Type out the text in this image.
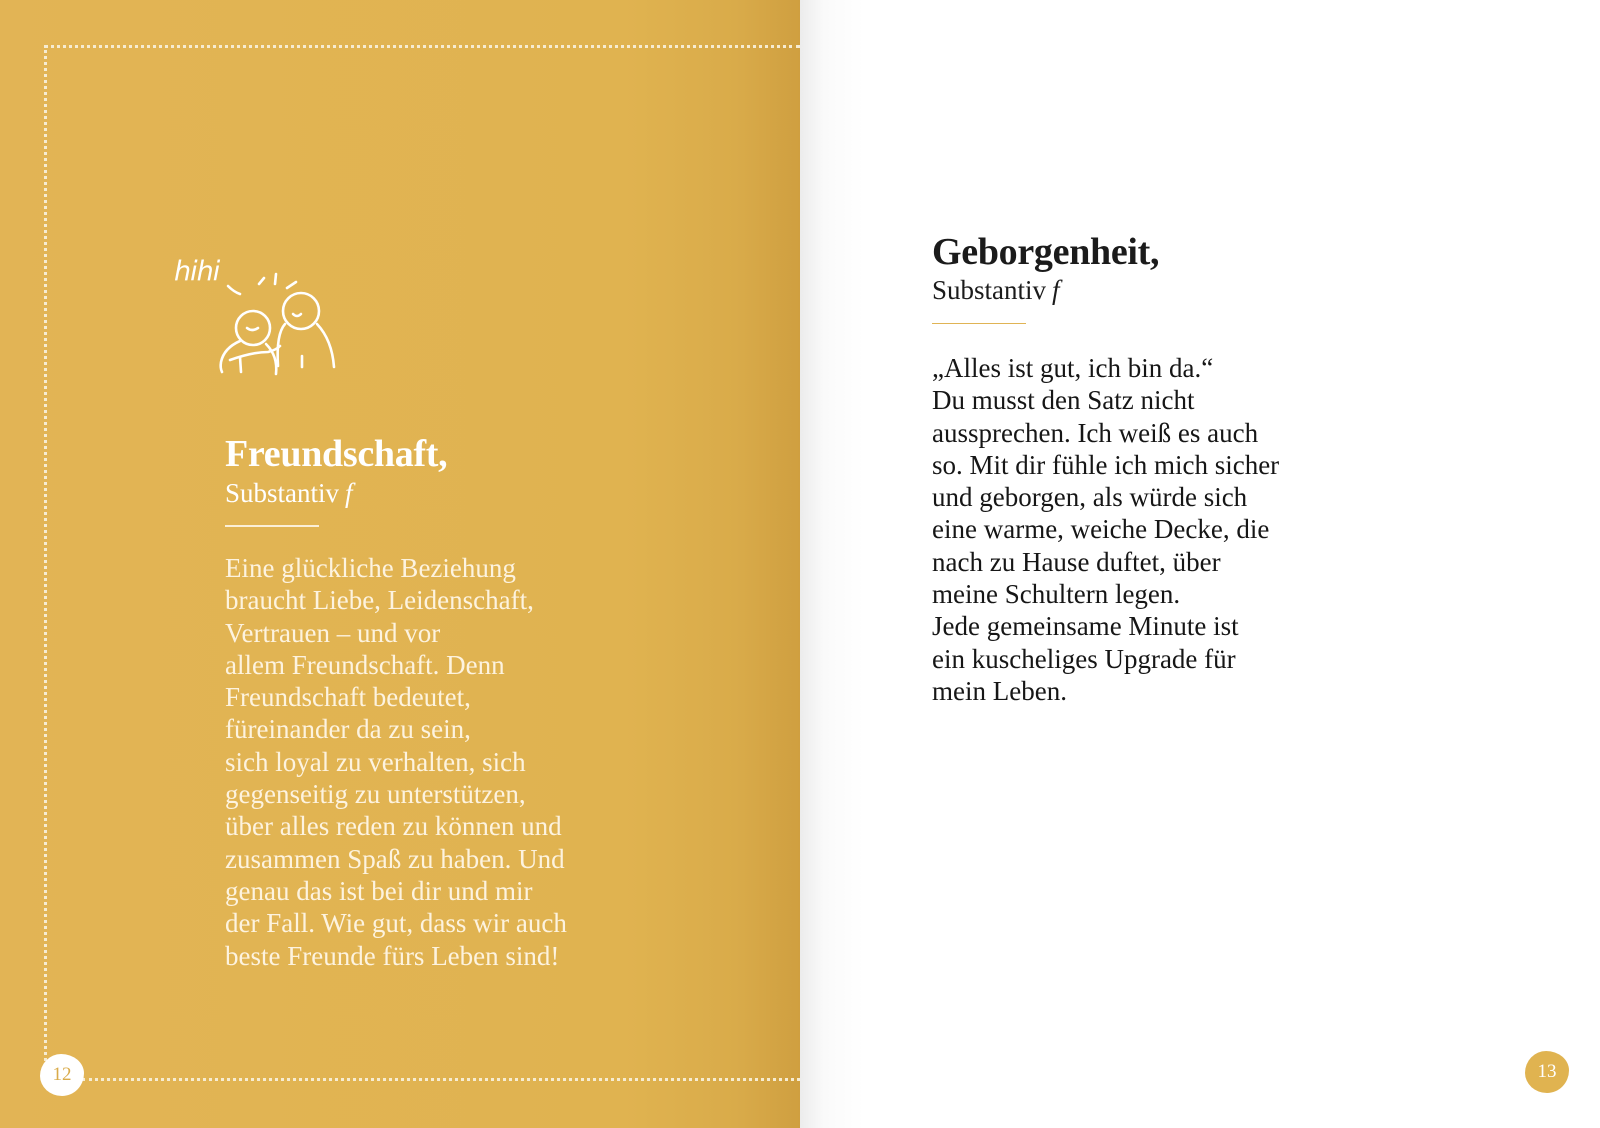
hihi
Freundschaft,
Substantiv f
Eine glückliche Beziehung
braucht Liebe, Leidenschaft,
Vertrauen – und vor
allem Freundschaft. Denn
Freundschaft bedeutet,
füreinander da zu sein,
sich loyal zu verhalten, sich
gegenseitig zu unterstützen,
über alles reden zu können und
zusammen Spaß zu haben. Und
genau das ist bei dir und mir
der Fall. Wie gut, dass wir auch
beste Freunde fürs Leben sind!
12
Geborgenheit,
Substantiv f
„Alles ist gut, ich bin da.“
Du musst den Satz nicht
aussprechen. Ich weiß es auch
so. Mit dir fühle ich mich sicher
und geborgen, als würde sich
eine warme, weiche Decke, die
nach zu Hause duftet, über
meine Schultern legen.
Jede gemeinsame Minute ist
ein kuscheliges Upgrade für
mein Leben.
13
